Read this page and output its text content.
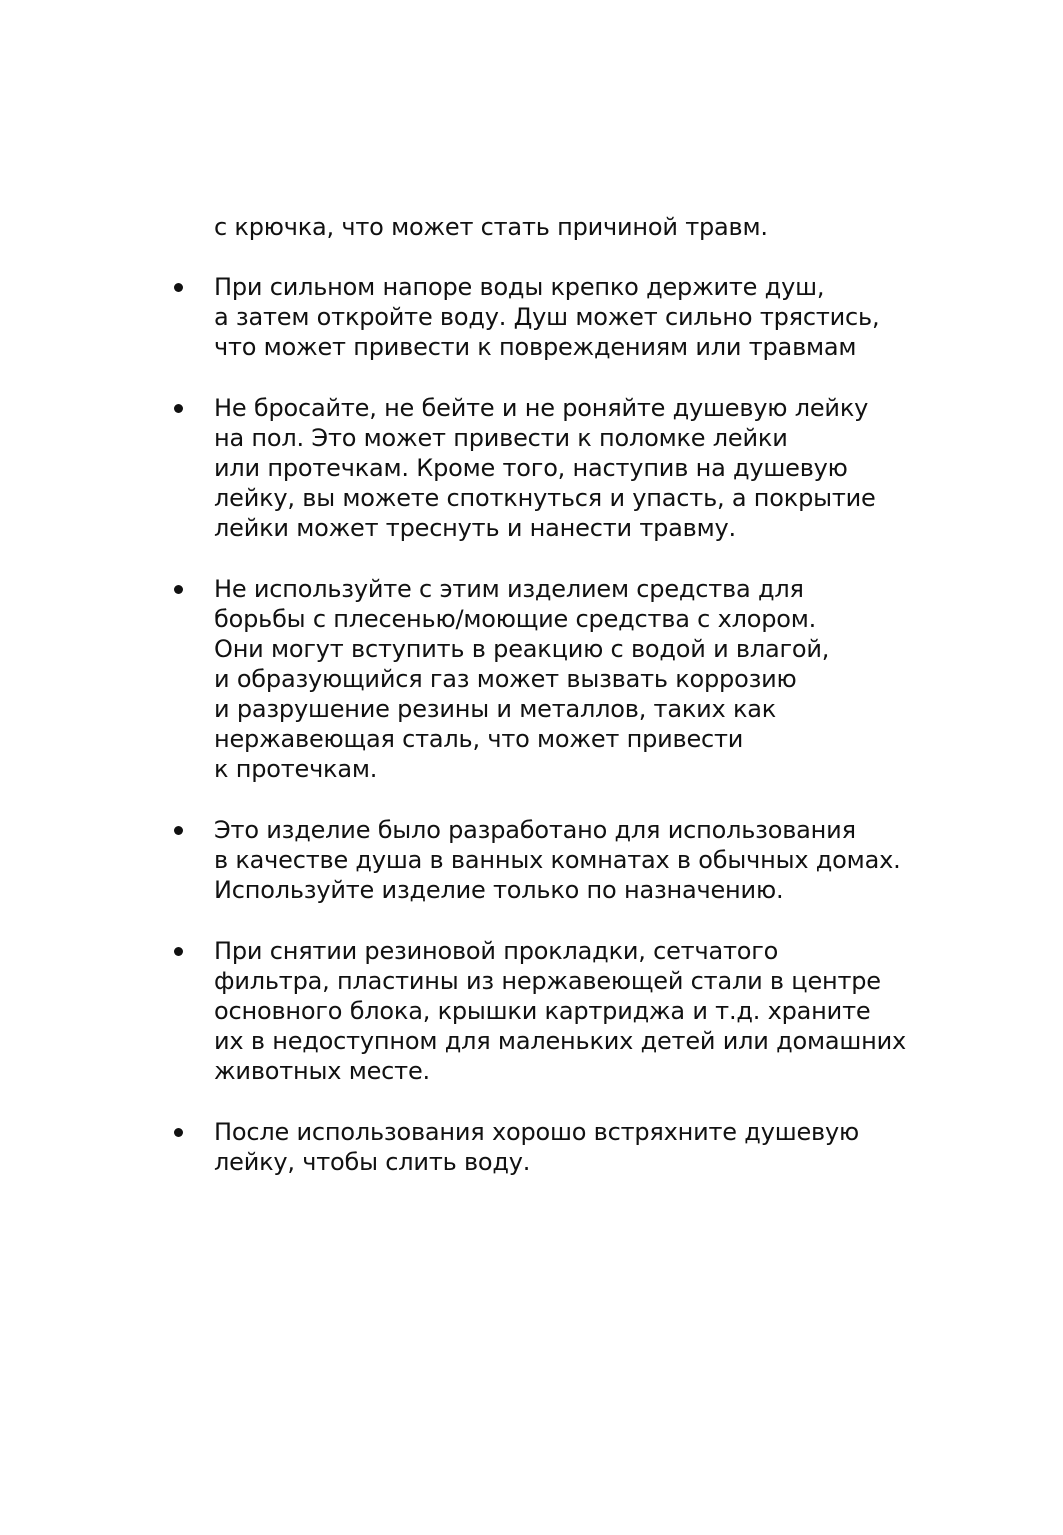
с крючка, что может стать причиной травм.
При сильном напоре воды крепко держите душ,
а затем откройте воду. Душ может сильно трястись,
что может привести к повреждениям или травмам
Не бросайте, не бейте и не роняйте душевую лейку
на пол. Это может привести к поломке лейки
или протечкам. Кроме того, наступив на душевую
лейку, вы можете споткнуться и упасть, а покрытие
лейки может треснуть и нанести травму.
Не используйте с этим изделием средства для
борьбы с плесенью/моющие средства с хлором.
Они могут вступить в реакцию с водой и влагой,
и образующийся газ может вызвать коррозию
и разрушение резины и металлов, таких как
нержавеющая сталь, что может привести
к протечкам.
Это изделие было разработано для использования
в качестве душа в ванных комнатах в обычных домах.
Используйте изделие только по назначению.
При снятии резиновой прокладки, сетчатого
фильтра, пластины из нержавеющей стали в центре
основного блока, крышки картриджа и т.д. храните
их в недоступном для маленьких детей или домашних
животных месте.
После использования хорошо встряхните душевую
лейку, чтобы слить воду.
